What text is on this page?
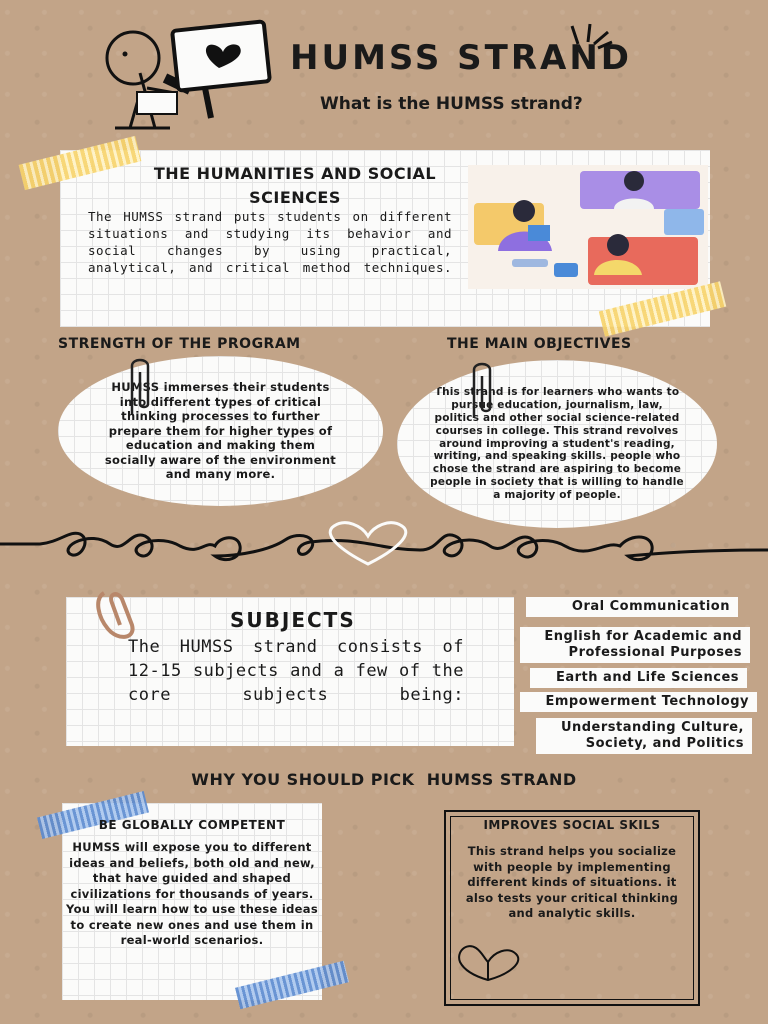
HUMSS STRAND
What is the HUMSS strand?
THE HUMANITIES AND SOCIAL SCIENCES
The HUMSS strand puts students on different situations and studying its behavior and social changes by using practical, analytical, and critical method techniques.
STRENGTH OF THE PROGRAM	THE MAIN OBJECTIVES
HUMSS immerses their students into different types of critical thinking processes to further prepare them for higher types of education and making them socially aware of the environment and many more.
This strand is for learners who wants to pursue education, journalism, law, politics and other social science-related courses in college. This strand revolves around improving a student's reading, writing, and speaking skills. people who chose the strand are aspiring to become people in society that is willing to handle a majority of people.
SUBJECTS
The HUMSS strand consists of 12-15 subjects and a few of the core subjects being:
Oral Communication
English for Academic and Professional Purposes
Earth and Life Sciences
Empowerment Technology
Understanding Culture, Society, and Politics
WHY YOU SHOULD PICK  HUMSS STRAND
BE GLOBALLY COMPETENT
HUMSS will expose you to different ideas and beliefs, both old and new, that have guided and shaped civilizations for thousands of years. You will learn how to use these ideas to create new ones and use them in real-world scenarios.
IMPROVES SOCIAL SKILS
This strand helps you socialize with people by implementing different kinds of situations. it also tests your critical thinking and analytic skills.
